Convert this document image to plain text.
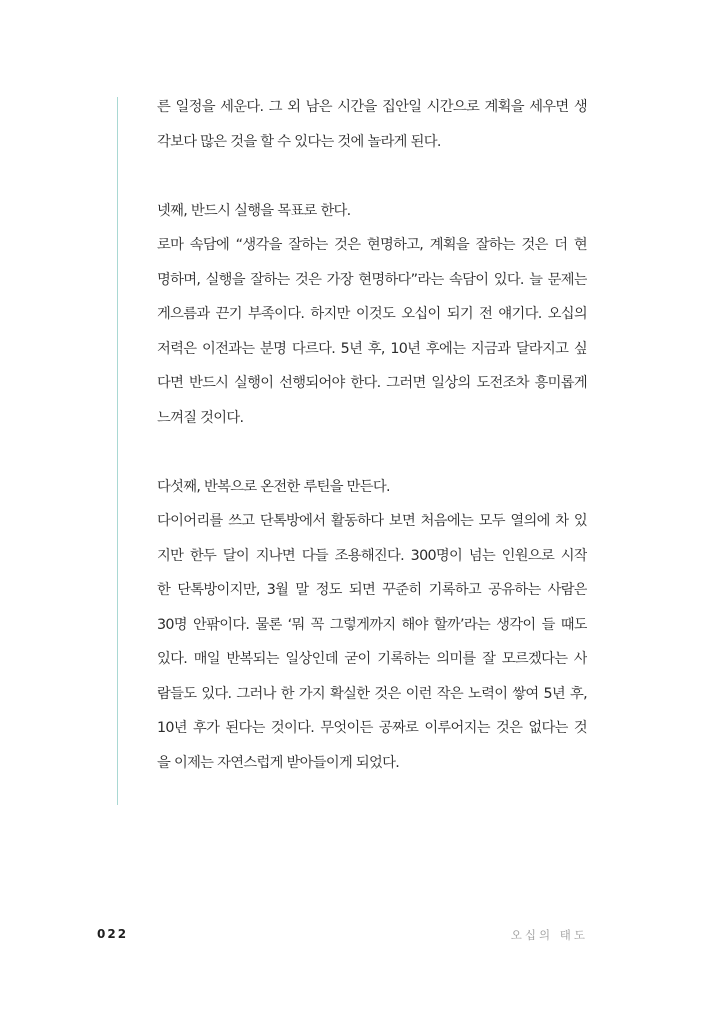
른 일정을 세운다. 그 외 남은 시간을 집안일 시간으로 계획을 세우면 생
각보다 많은 것을 할 수 있다는 것에 놀라게 된다.
넷째, 반드시 실행을 목표로 한다.
로마 속담에 “생각을 잘하는 것은 현명하고, 계획을 잘하는 것은 더 현
명하며, 실행을 잘하는 것은 가장 현명하다”라는 속담이 있다. 늘 문제는
게으름과 끈기 부족이다. 하지만 이것도 오십이 되기 전 얘기다. 오십의
저력은 이전과는 분명 다르다. 5년 후, 10년 후에는 지금과 달라지고 싶
다면 반드시 실행이 선행되어야 한다. 그러면 일상의 도전조차 흥미롭게
느껴질 것이다.
다섯째, 반복으로 온전한 루틴을 만든다.
다이어리를 쓰고 단톡방에서 활동하다 보면 처음에는 모두 열의에 차 있
지만 한두 달이 지나면 다들 조용해진다. 300명이 넘는 인원으로 시작
한 단톡방이지만, 3월 말 정도 되면 꾸준히 기록하고 공유하는 사람은
30명 안팎이다. 물론 ‘뭐 꼭 그렇게까지 해야 할까’라는 생각이 들 때도
있다. 매일 반복되는 일상인데 굳이 기록하는 의미를 잘 모르겠다는 사
람들도 있다. 그러나 한 가지 확실한 것은 이런 작은 노력이 쌓여 5년 후,
10년 후가 된다는 것이다. 무엇이든 공짜로 이루어지는 것은 없다는 것
을 이제는 자연스럽게 받아들이게 되었다.
022	오십의 태도
